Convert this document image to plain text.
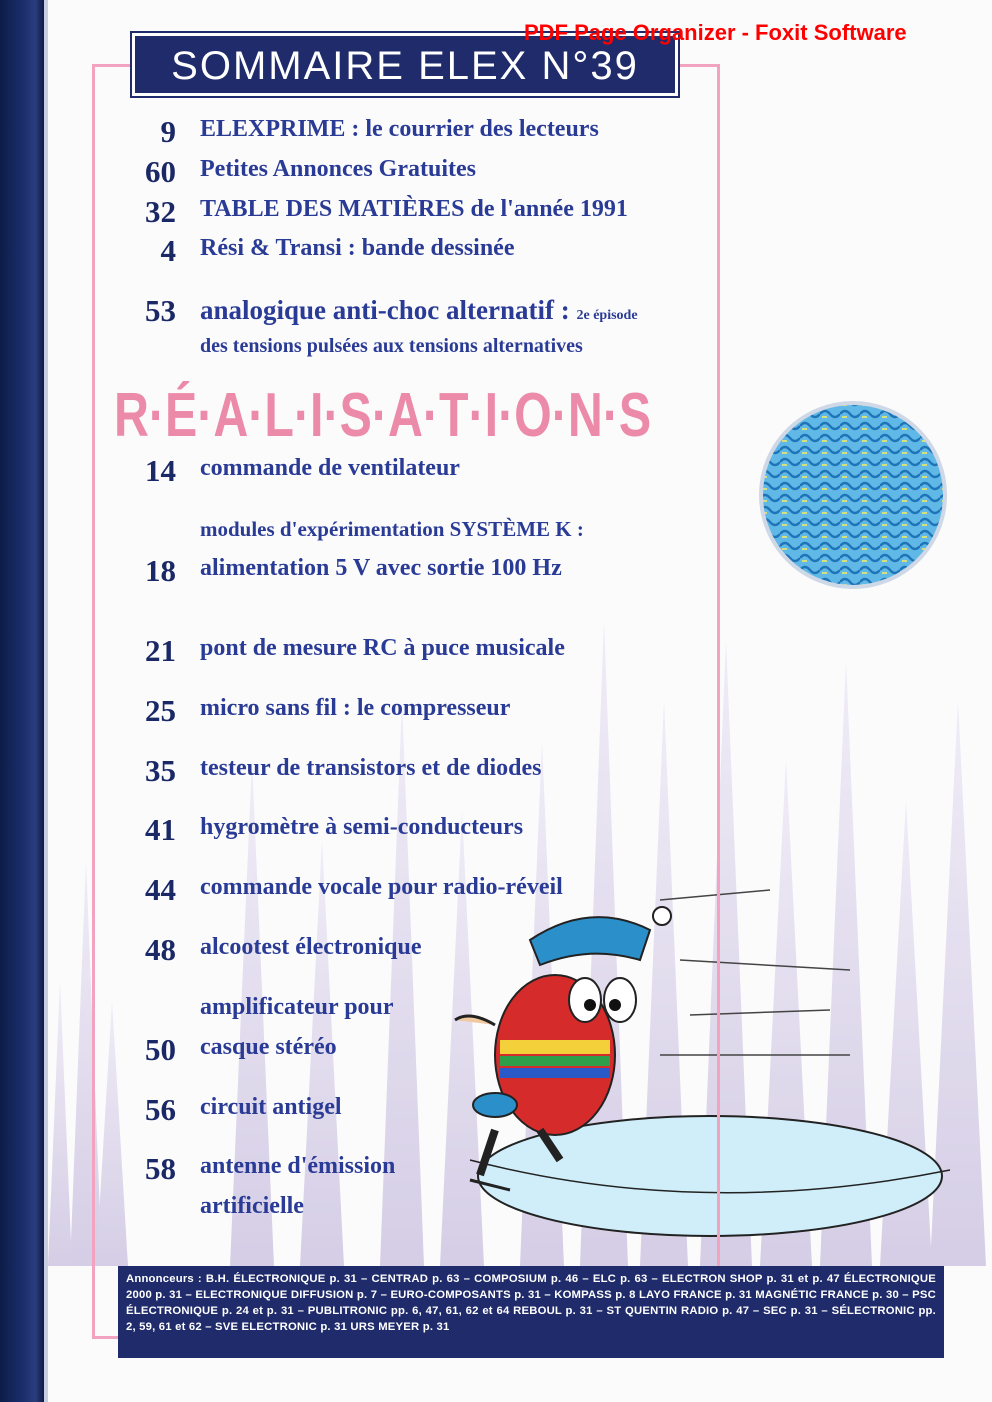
SOMMAIRE ELEX N°39
PDF Page Organizer - Foxit Software
9 ELEXPRIME : le courrier des lecteurs
60 Petites Annonces Gratuites
32 TABLE DES MATIÈRES de l'année 1991
4 Rési & Transi : bande dessinée
53 analogique anti-choc alternatif : 2e épisode
des tensions pulsées aux tensions alternatives
R·É·A·L·I·S·A·T·I·O·N·S
14 commande de ventilateur
modules d'expérimentation SYSTÈME K :
18 alimentation 5 V avec sortie 100 Hz
21 pont de mesure RC à puce musicale
25 micro sans fil : le compresseur
35 testeur de transistors et de diodes
41 hygromètre à semi-conducteurs
44 commande vocale pour radio-réveil
48 alcootest électronique
amplificateur pour
50 casque stéréo
56 circuit antigel
58 antenne d'émission
artificielle
Annonceurs : B.H. ÉLECTRONIQUE p. 31 – CENTRAD p. 63 – COMPOSIUM p. 46 – ELC p. 63 – ELECTRON SHOP p. 31 et p. 47 ÉLECTRONIQUE 2000 p. 31 – ELECTRONIQUE DIFFUSION p. 7 – EURO-COMPOSANTS p. 31 – KOMPASS p. 8 LAYO FRANCE p. 31 MAGNÉTIC FRANCE p. 30 – PSC ÉLECTRONIQUE p. 24 et p. 31 – PUBLITRONIC pp. 6, 47, 61, 62 et 64 REBOUL p. 31 – ST QUENTIN RADIO p. 47 – SEC p. 31 – SÉLECTRONIC pp. 2, 59, 61 et 62 – SVE ELECTRONIC p. 31 URS MEYER p. 31
